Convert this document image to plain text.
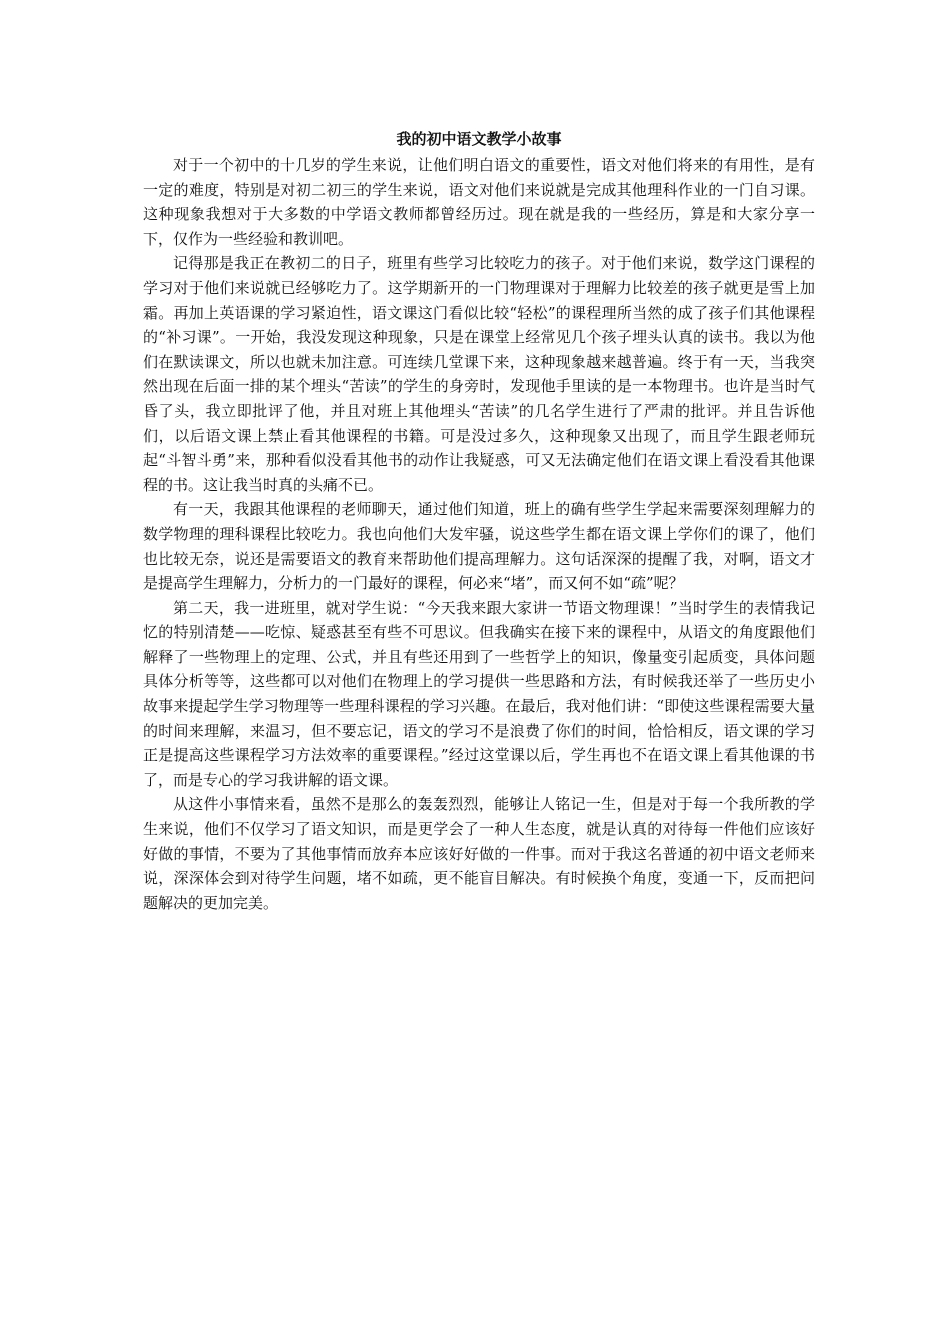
我的初中语文教学小故事

对于一个初中的十几岁的学生来说，让他们明白语文的重要性，语文对他们将来的有用性，是有一定的难度，特别是对初二初三的学生来说，语文对他们来说就是完成其他理科作业的一门自习课。这种现象我想对于大多数的中学语文教师都曾经历过。现在就是我的一些经历，算是和大家分享一下，仅作为一些经验和教训吧。

记得那是我正在教初二的日子，班里有些学习比较吃力的孩子。对于他们来说，数学这门课程的学习对于他们来说就已经够吃力了。这学期新开的一门物理课对于理解力比较差的孩子就更是雪上加霜。再加上英语课的学习紧迫性，语文课这门看似比较“轻松”的课程理所当然的成了孩子们其他课程的“补习课”。一开始，我没发现这种现象，只是在课堂上经常见几个孩子埋头认真的读书。我以为他们在默读课文，所以也就未加注意。可连续几堂课下来，这种现象越来越普遍。终于有一天，当我突然出现在后面一排的某个埋头“苦读”的学生的身旁时，发现他手里读的是一本物理书。也许是当时气昏了头，我立即批评了他，并且对班上其他埋头“苦读”的几名学生进行了严肃的批评。并且告诉他们，以后语文课上禁止看其他课程的书籍。可是没过多久，这种现象又出现了，而且学生跟老师玩起“斗智斗勇”来，那种看似没看其他书的动作让我疑惑，可又无法确定他们在语文课上看没看其他课程的书。这让我当时真的头痛不已。

有一天，我跟其他课程的老师聊天，通过他们知道，班上的确有些学生学起来需要深刻理解力的数学物理的理科课程比较吃力。我也向他们大发牢骚，说这些学生都在语文课上学你们的课了，他们也比较无奈，说还是需要语文的教育来帮助他们提高理解力。这句话深深的提醒了我，对啊，语文才是提高学生理解力，分析力的一门最好的课程，何必来“堵”，而又何不如“疏”呢？

第二天，我一进班里，就对学生说：“今天我来跟大家讲一节语文物理课！”当时学生的表情我记忆的特别清楚——吃惊、疑惑甚至有些不可思议。但我确实在接下来的课程中，从语文的角度跟他们解释了一些物理上的定理、公式，并且有些还用到了一些哲学上的知识，像量变引起质变，具体问题具体分析等等，这些都可以对他们在物理上的学习提供一些思路和方法，有时候我还举了一些历史小故事来提起学生学习物理等一些理科课程的学习兴趣。在最后，我对他们讲：“即使这些课程需要大量的时间来理解，来温习，但不要忘记，语文的学习不是浪费了你们的时间，恰恰相反，语文课的学习正是提高这些课程学习方法效率的重要课程。”经过这堂课以后，学生再也不在语文课上看其他课的书了，而是专心的学习我讲解的语文课。

从这件小事情来看，虽然不是那么的轰轰烈烈，能够让人铭记一生，但是对于每一个我所教的学生来说，他们不仅学习了语文知识，而是更学会了一种人生态度，就是认真的对待每一件他们应该好好做的事情，不要为了其他事情而放弃本应该好好做的一件事。而对于我这名普通的初中语文老师来说，深深体会到对待学生问题，堵不如疏，更不能盲目解决。有时候换个角度，变通一下，反而把问题解决的更加完美。
